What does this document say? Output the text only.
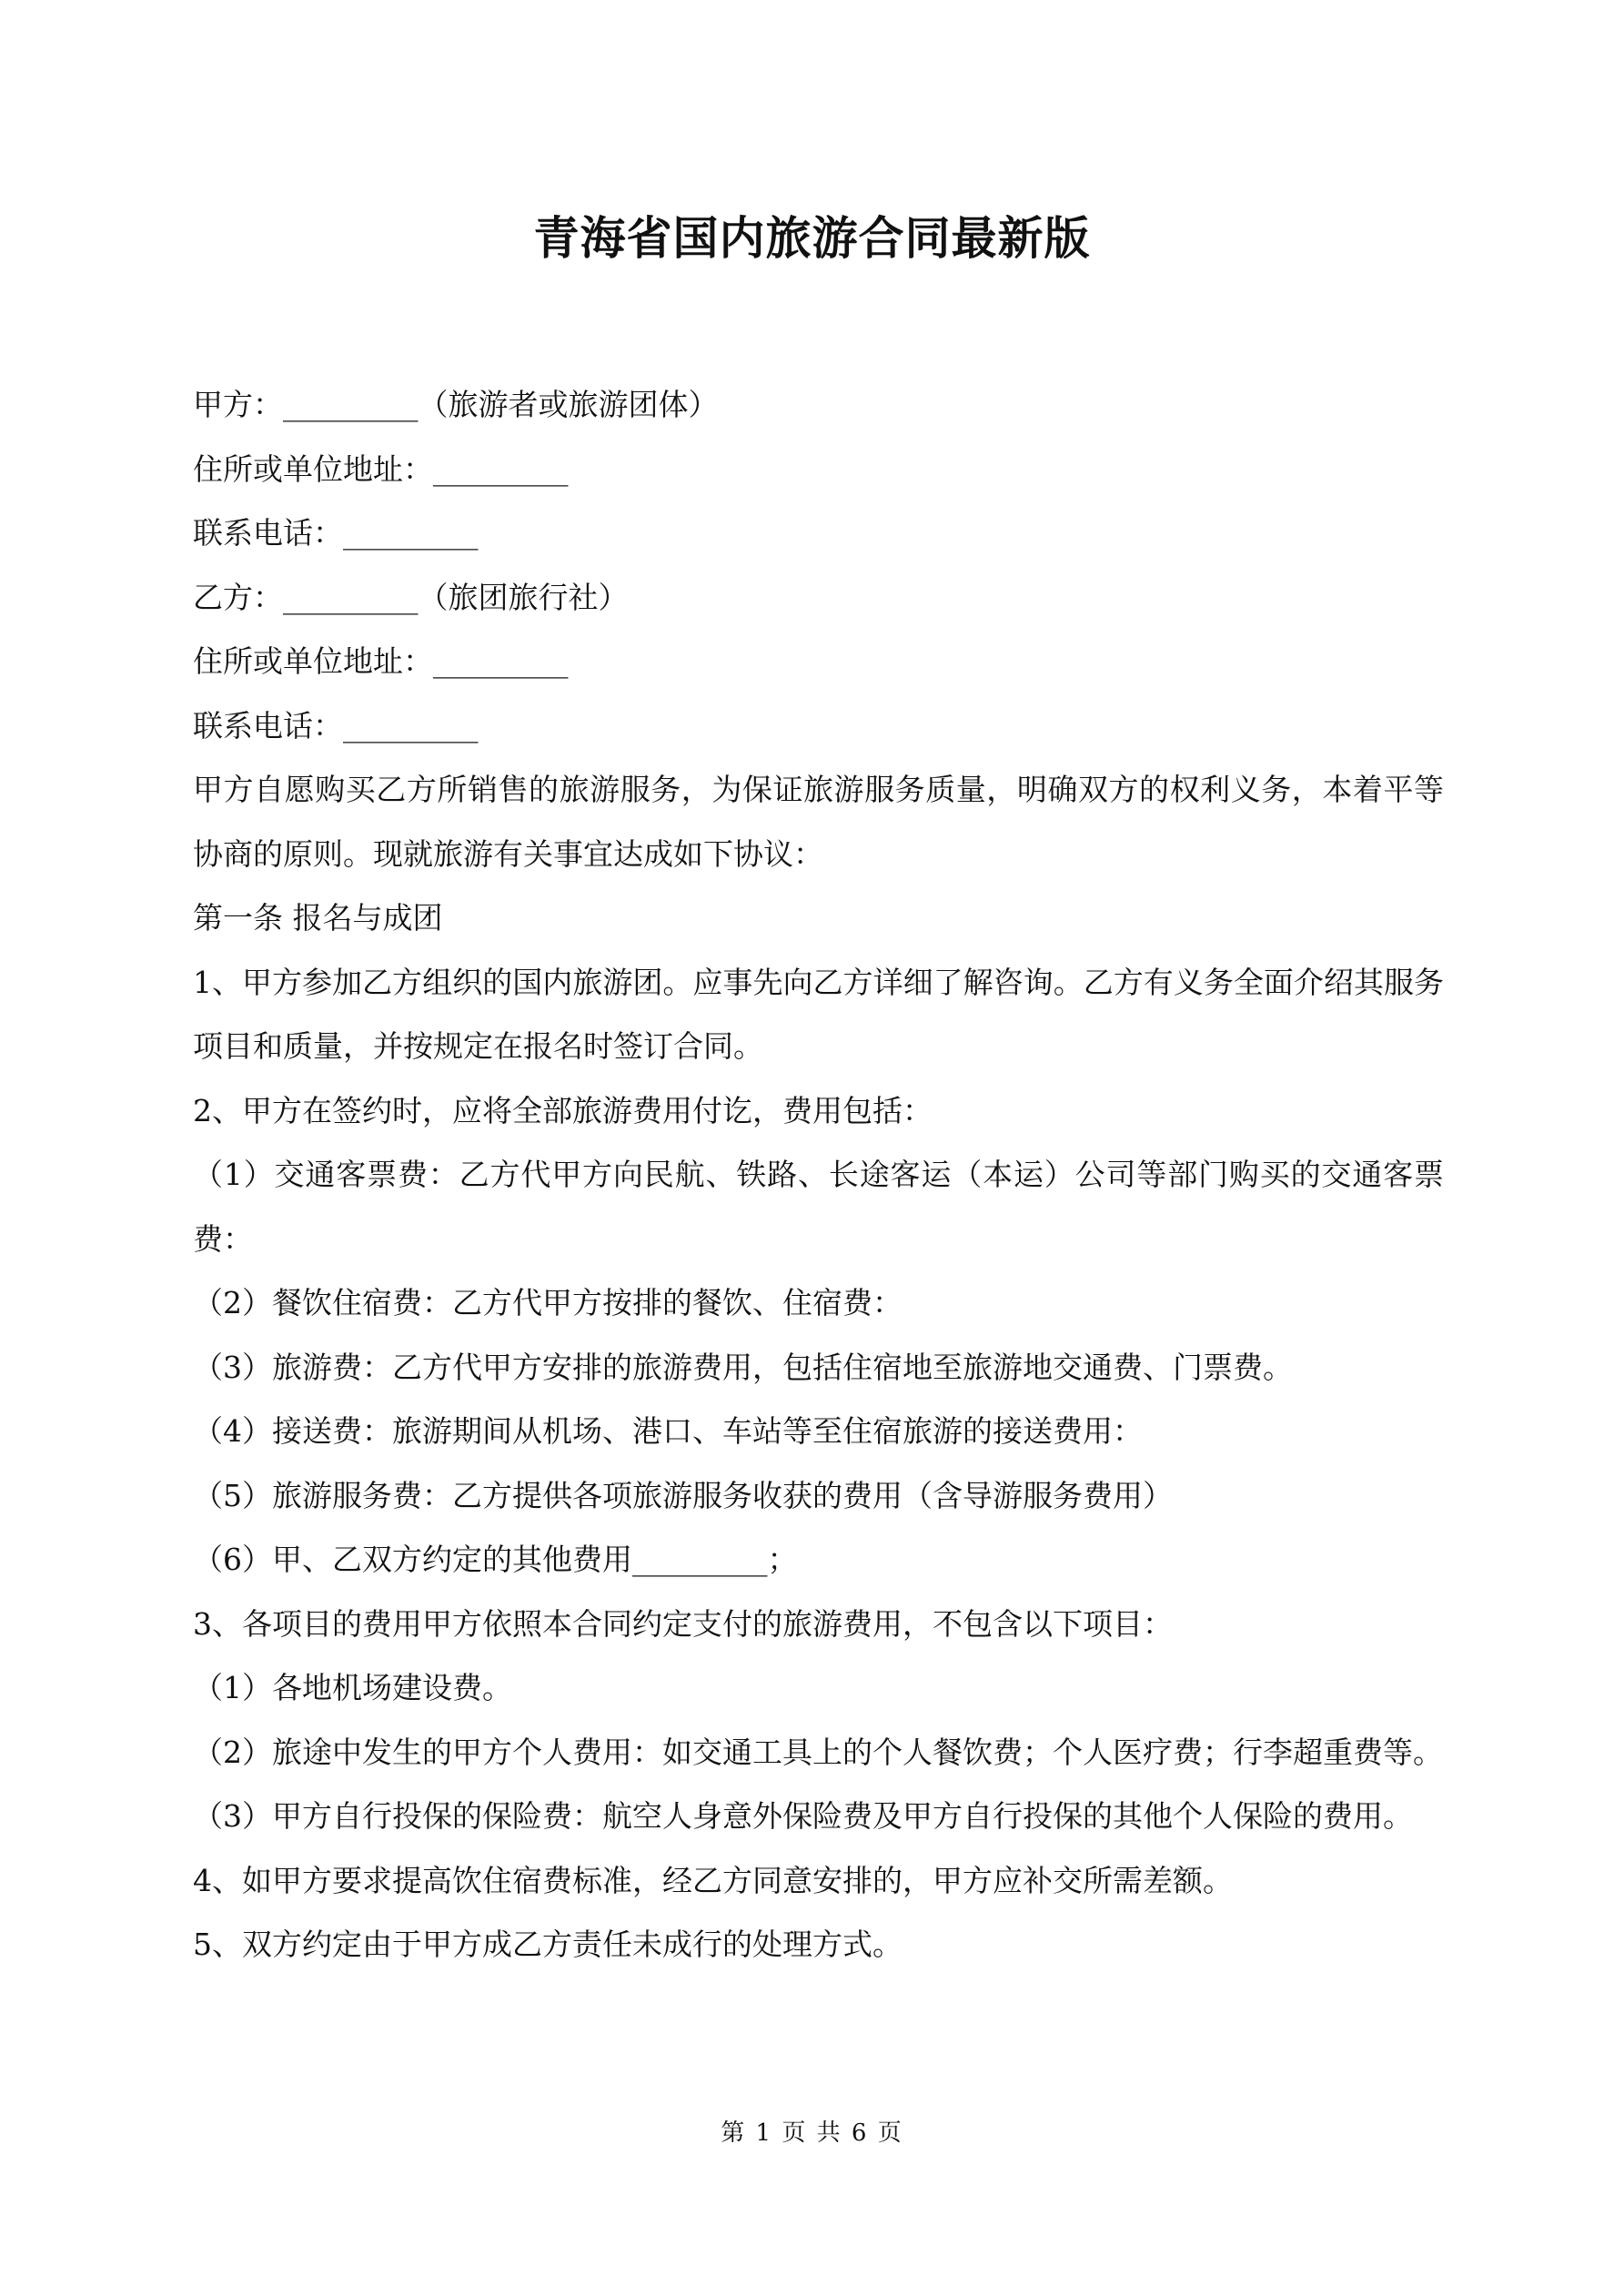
青海省国内旅游合同最新版

甲方：_________（旅游者或旅游团体）

住所或单位地址：_________

联系电话：_________

乙方：_________（旅团旅行社）

住所或单位地址：_________

联系电话：_________

甲方自愿购买乙方所销售的旅游服务，为保证旅游服务质量，明确双方的权利义务，本着平等协商的原则。现就旅游有关事宜达成如下协议：

第一条 报名与成团

1、甲方参加乙方组织的国内旅游团。应事先向乙方详细了解咨询。乙方有义务全面介绍其服务项目和质量，并按规定在报名时签订合同。

2、甲方在签约时，应将全部旅游费用付讫，费用包括：

（1）交通客票费：乙方代甲方向民航、铁路、长途客运（本运）公司等部门购买的交通客票费：

（2）餐饮住宿费：乙方代甲方按排的餐饮、住宿费：

（3）旅游费：乙方代甲方安排的旅游费用，包括住宿地至旅游地交通费、门票费。

（4）接送费：旅游期间从机场、港口、车站等至住宿旅游的接送费用：

（5）旅游服务费：乙方提供各项旅游服务收获的费用（含导游服务费用）

（6）甲、乙双方约定的其他费用_________；

3、各项目的费用甲方依照本合同约定支付的旅游费用，不包含以下项目：

（1）各地机场建设费。

（2）旅途中发生的甲方个人费用：如交通工具上的个人餐饮费；个人医疗费；行李超重费等。

（3）甲方自行投保的保险费：航空人身意外保险费及甲方自行投保的其他个人保险的费用。

4、如甲方要求提高饮住宿费标准，经乙方同意安排的，甲方应补交所需差额。

5、双方约定由于甲方成乙方责任未成行的处理方式。

第 1 页 共 6 页
